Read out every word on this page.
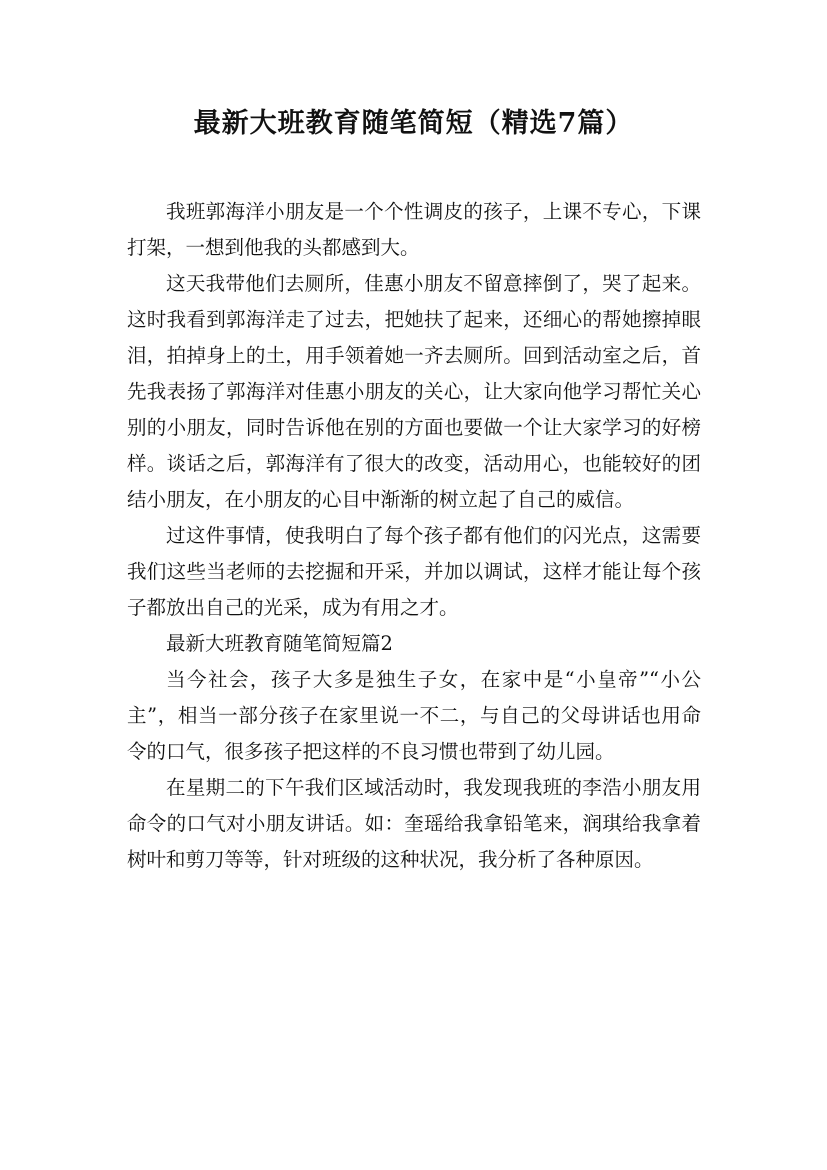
最新大班教育随笔简短（精选7篇）

我班郭海洋小朋友是一个个性调皮的孩子，上课不专心，下课打架，一想到他我的头都感到大。

这天我带他们去厕所，佳惠小朋友不留意摔倒了，哭了起来。这时我看到郭海洋走了过去，把她扶了起来，还细心的帮她擦掉眼泪，拍掉身上的土，用手领着她一齐去厕所。回到活动室之后，首先我表扬了郭海洋对佳惠小朋友的关心，让大家向他学习帮忙关心别的小朋友，同时告诉他在别的方面也要做一个让大家学习的好榜样。谈话之后，郭海洋有了很大的改变，活动用心，也能较好的团结小朋友，在小朋友的心目中渐渐的树立起了自己的威信。

过这件事情，使我明白了每个孩子都有他们的闪光点，这需要我们这些当老师的去挖掘和开采，并加以调试，这样才能让每个孩子都放出自己的光采，成为有用之才。

最新大班教育随笔简短篇2

当今社会，孩子大多是独生子女，在家中是“小皇帝”“小公主”，相当一部分孩子在家里说一不二，与自己的父母讲话也用命令的口气，很多孩子把这样的不良习惯也带到了幼儿园。

在星期二的下午我们区域活动时，我发现我班的李浩小朋友用命令的口气对小朋友讲话。如：奎瑶给我拿铅笔来，润琪给我拿着树叶和剪刀等等，针对班级的这种状况，我分析了各种原因。
